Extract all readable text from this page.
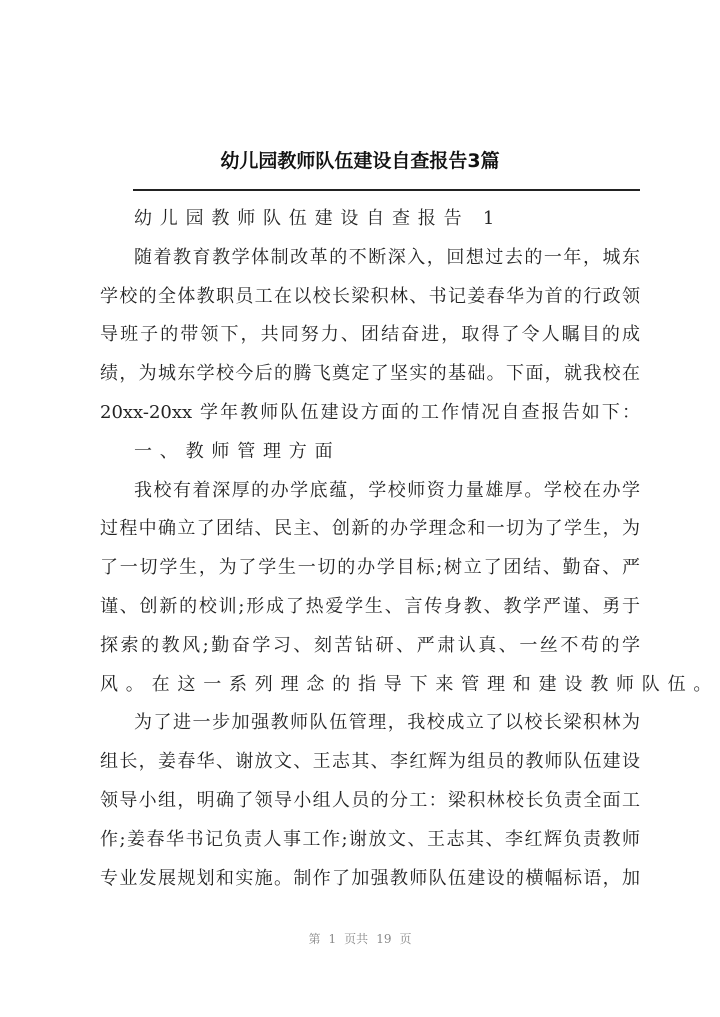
幼儿园教师队伍建设自查报告3篇
幼儿园教师队伍建设自查报告 1
随着教育教学体制改革的不断深入，回想过去的一年，城东
学校的全体教职员工在以校长梁积林、书记姜春华为首的行政领
导班子的带领下，共同努力、团结奋进，取得了令人瞩目的成
绩，为城东学校今后的腾飞奠定了坚实的基础。下面，就我校在
20xx-20xx 学年教师队伍建设方面的工作情况自查报告如下：
一、教师管理方面
我校有着深厚的办学底蕴，学校师资力量雄厚。学校在办学
过程中确立了团结、民主、创新的办学理念和一切为了学生，为
了一切学生，为了学生一切的办学目标;树立了团结、勤奋、严
谨、创新的校训;形成了热爱学生、言传身教、教学严谨、勇于
探索的教风;勤奋学习、刻苦钻研、严肃认真、一丝不苟的学
风。在这一系列理念的指导下来管理和建设教师队伍。
为了进一步加强教师队伍管理，我校成立了以校长梁积林为
组长，姜春华、谢放文、王志其、李红辉为组员的教师队伍建设
领导小组，明确了领导小组人员的分工：梁积林校长负责全面工
作;姜春华书记负责人事工作;谢放文、王志其、李红辉负责教师
专业发展规划和实施。制作了加强教师队伍建设的横幅标语，加
第 1 页共 19 页
